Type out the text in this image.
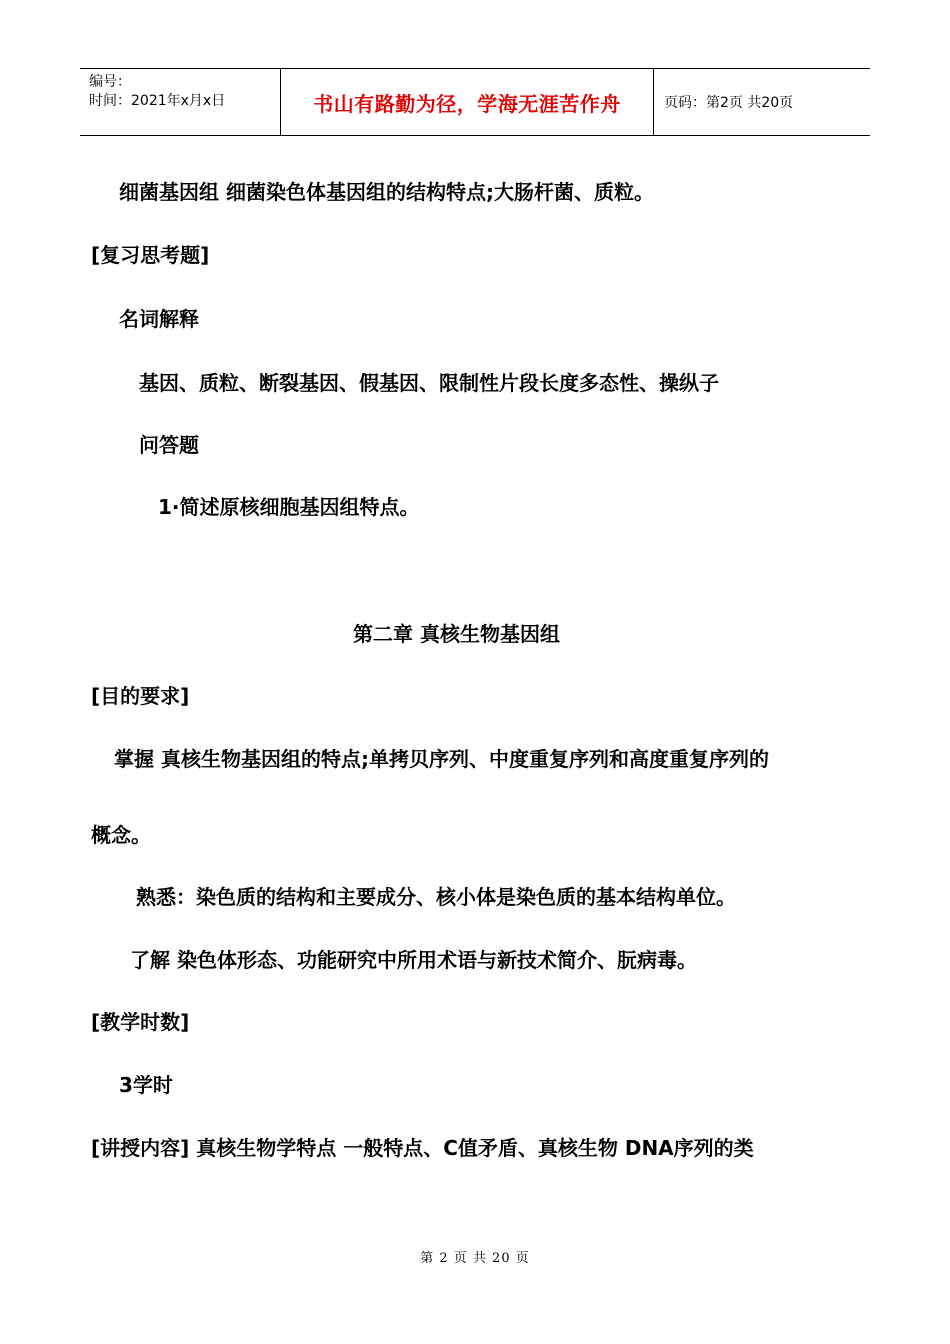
编号：
时间：2021年x月x日	书山有路勤为径，学海无涯苦作舟	页码：第2页 共20页
细菌基因组 细菌染色体基因组的结构特点;大肠杆菌、质粒。
[复习思考题]
名词解释
基因、质粒、断裂基因、假基因、限制性片段长度多态性、操纵子
问答题
1·简述原核细胞基因组特点。
第二章 真核生物基因组
[目的要求]
掌握 真核生物基因组的特点;单拷贝序列、中度重复序列和高度重复序列的
概念。
熟悉：染色质的结构和主要成分、核小体是染色质的基本结构单位。
了解 染色体形态、功能研究中所用术语与新技术简介、朊病毒。
[教学时数]
3学时
[讲授内容] 真核生物学特点 一般特点、C值矛盾、真核生物 DNA序列的类
第 2 页 共 20 页
